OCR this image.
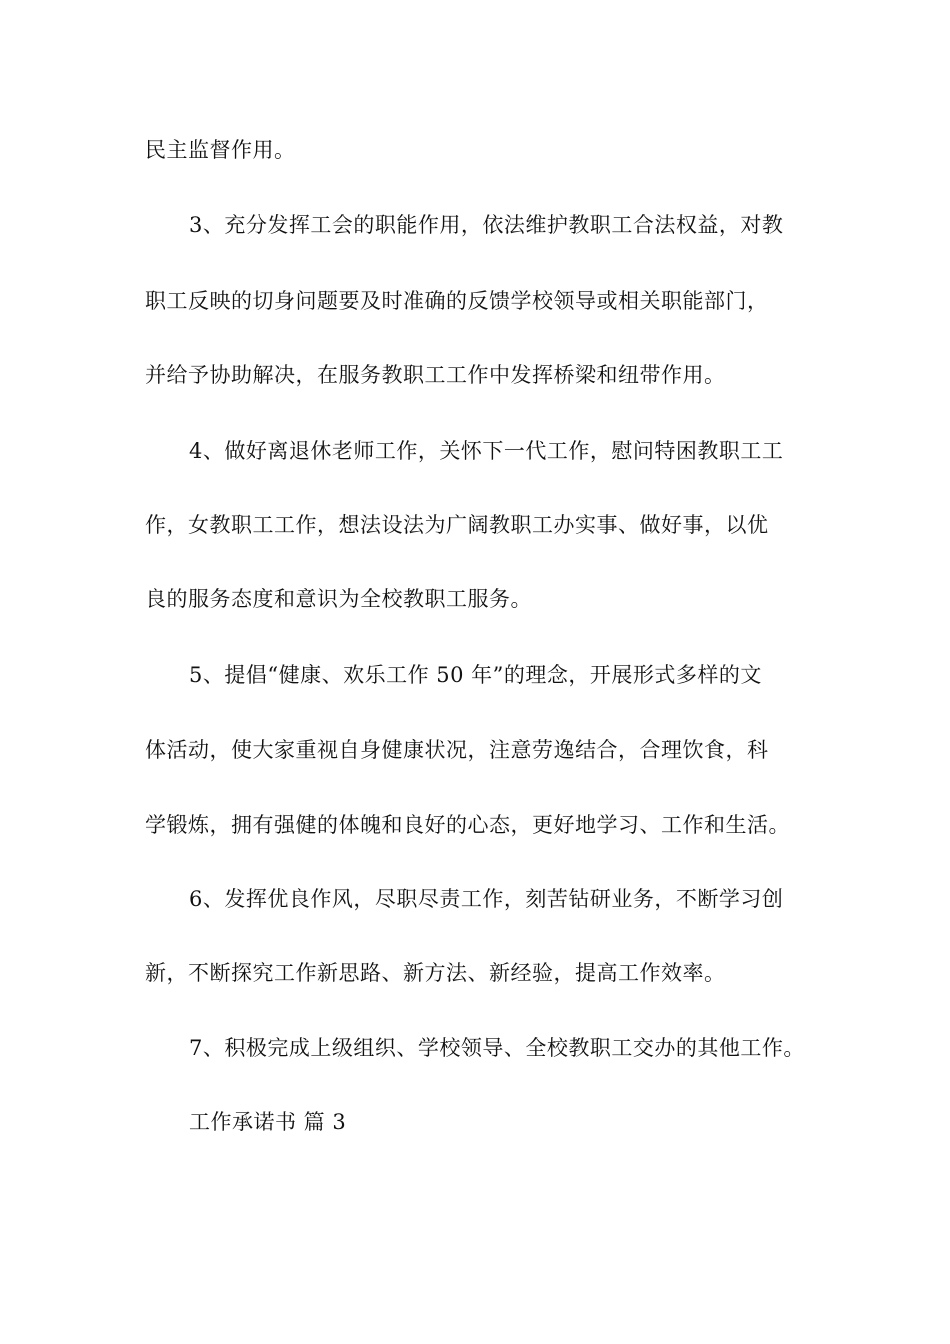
民主监督作用。
3、充分发挥工会的职能作用，依法维护教职工合法权益，对教
职工反映的切身问题要及时准确的反馈学校领导或相关职能部门，
并给予协助解决，在服务教职工工作中发挥桥梁和纽带作用。
4、做好离退休老师工作，关怀下一代工作，慰问特困教职工工
作，女教职工工作，想法设法为广阔教职工办实事、做好事，以优
良的服务态度和意识为全校教职工服务。
5、提倡“健康、欢乐工作 50 年”的理念，开展形式多样的文
体活动，使大家重视自身健康状况，注意劳逸结合，合理饮食，科
学锻炼，拥有强健的体魄和良好的心态，更好地学习、工作和生活。
6、发挥优良作风，尽职尽责工作，刻苦钻研业务，不断学习创
新，不断探究工作新思路、新方法、新经验，提高工作效率。
7、积极完成上级组织、学校领导、全校教职工交办的其他工作。
工作承诺书 篇 3
